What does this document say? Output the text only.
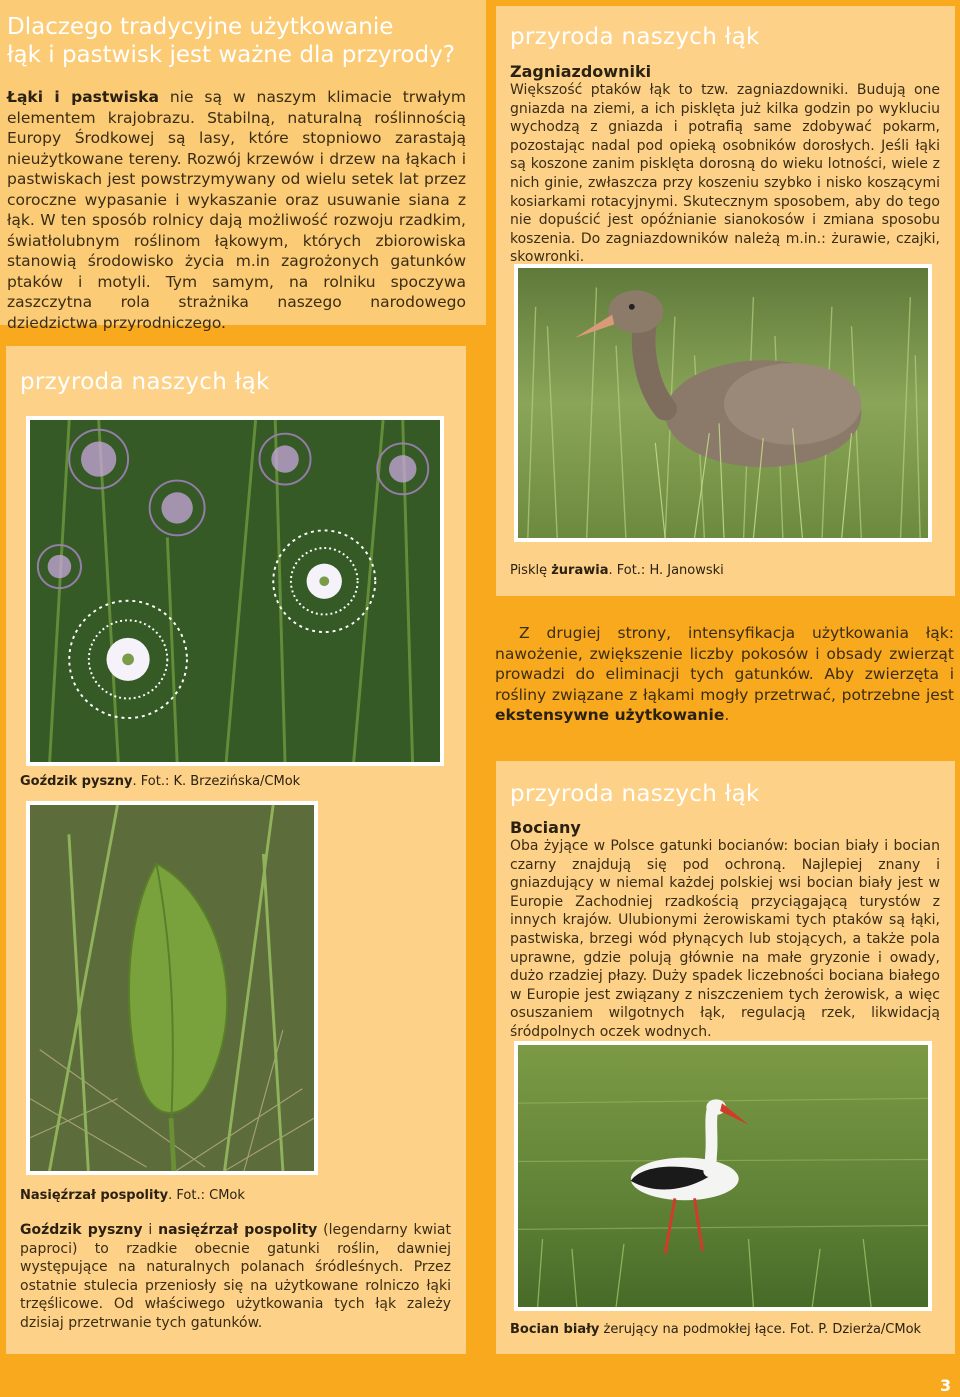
Dlaczego tradycyjne użytkowanie
łąk i pastwisk jest ważne dla przyrody?

Łąki i pastwiska nie są w naszym klimacie trwałym elementem krajobrazu. Stabilną, naturalną roślinnością Europy Środkowej są lasy, które stopniowo zarastają nieużytkowane tereny. Rozwój krzewów i drzew na łąkach i pastwiskach jest powstrzymywany od wielu setek lat przez coroczne wypasanie i wykaszanie oraz usuwanie siana z łąk. W ten sposób rolnicy dają możliwość rozwoju rzadkim, światłolubnym roślinom łąkowym, których zbiorowiska stanowią środowisko życia m.in zagrożonych gatunków ptaków i motyli. Tym samym, na rolniku spoczywa zaszczytna rola strażnika naszego narodowego dziedzictwa przyrodniczego.

przyroda naszych łąk
Zagniazdowniki

Większość ptaków łąk to tzw. zagniazdowniki. Budują one gniazda na ziemi, a ich pisklęta już kilka godzin po wykluciu wychodzą z gniazda i potrafią same zdobywać pokarm, pozostając nadal pod opieką osobników dorosłych. Jeśli łąki są koszone zanim pisklęta dorosną do wieku lotności, wiele z nich ginie, zwłaszcza przy koszeniu szybko i nisko koszącymi kosiarkami rotacyjnymi. Skutecznym sposobem, aby do tego nie dopuścić jest opóźnianie sianokosów i zmiana sposobu koszenia. Do zagniazdowników należą m.in.: żurawie, czajki, skowronki.

Pisklę żurawia. Fot.: H. Janowski
przyroda naszych łąk
Goździk pyszny. Fot.: K. Brzezińska/CMok
Nasięźrzał pospolity. Fot.: CMok

Goździk pyszny i nasięźrzał pospolity (legendarny kwiat paproci) to rzadkie obecnie gatunki roślin, dawniej występujące na naturalnych polanach śródleśnych. Przez ostatnie stulecia przeniosły się na użytkowane rolniczo łąki trzęślicowe. Od właściwego użytkowania tych łąk zależy dzisiaj przetrwanie tych gatunków.

Z drugiej strony, intensyfikacja użytkowania łąk: nawożenie, zwiększenie liczby pokosów i obsady zwierząt prowadzi do eliminacji tych gatunków. Aby zwierzęta i rośliny związane z łąkami mogły przetrwać, potrzebne jest ekstensywne użytkowanie.

przyroda naszych łąk
Bociany

Oba żyjące w Polsce gatunki bocianów: bocian biały i bocian czarny znajdują się pod ochroną. Najlepiej znany i gniazdujący w niemal każdej polskiej wsi bocian biały jest w Europie Zachodniej rzadkością przyciągającą turystów z innych krajów. Ulubionymi żerowiskami tych ptaków są łąki, pastwiska, brzegi wód płynących lub stojących, a także pola uprawne, gdzie polują głównie na małe gryzonie i owady, dużo rzadziej płazy. Duży spadek liczebności bociana białego w Europie jest związany z niszczeniem tych żerowisk, a więc osuszaniem wilgotnych łąk, regulacją rzek, likwidacją śródpolnych oczek wodnych.

Bocian biały żerujący na podmokłej łące. Fot. P. Dzierża/CMok
3
